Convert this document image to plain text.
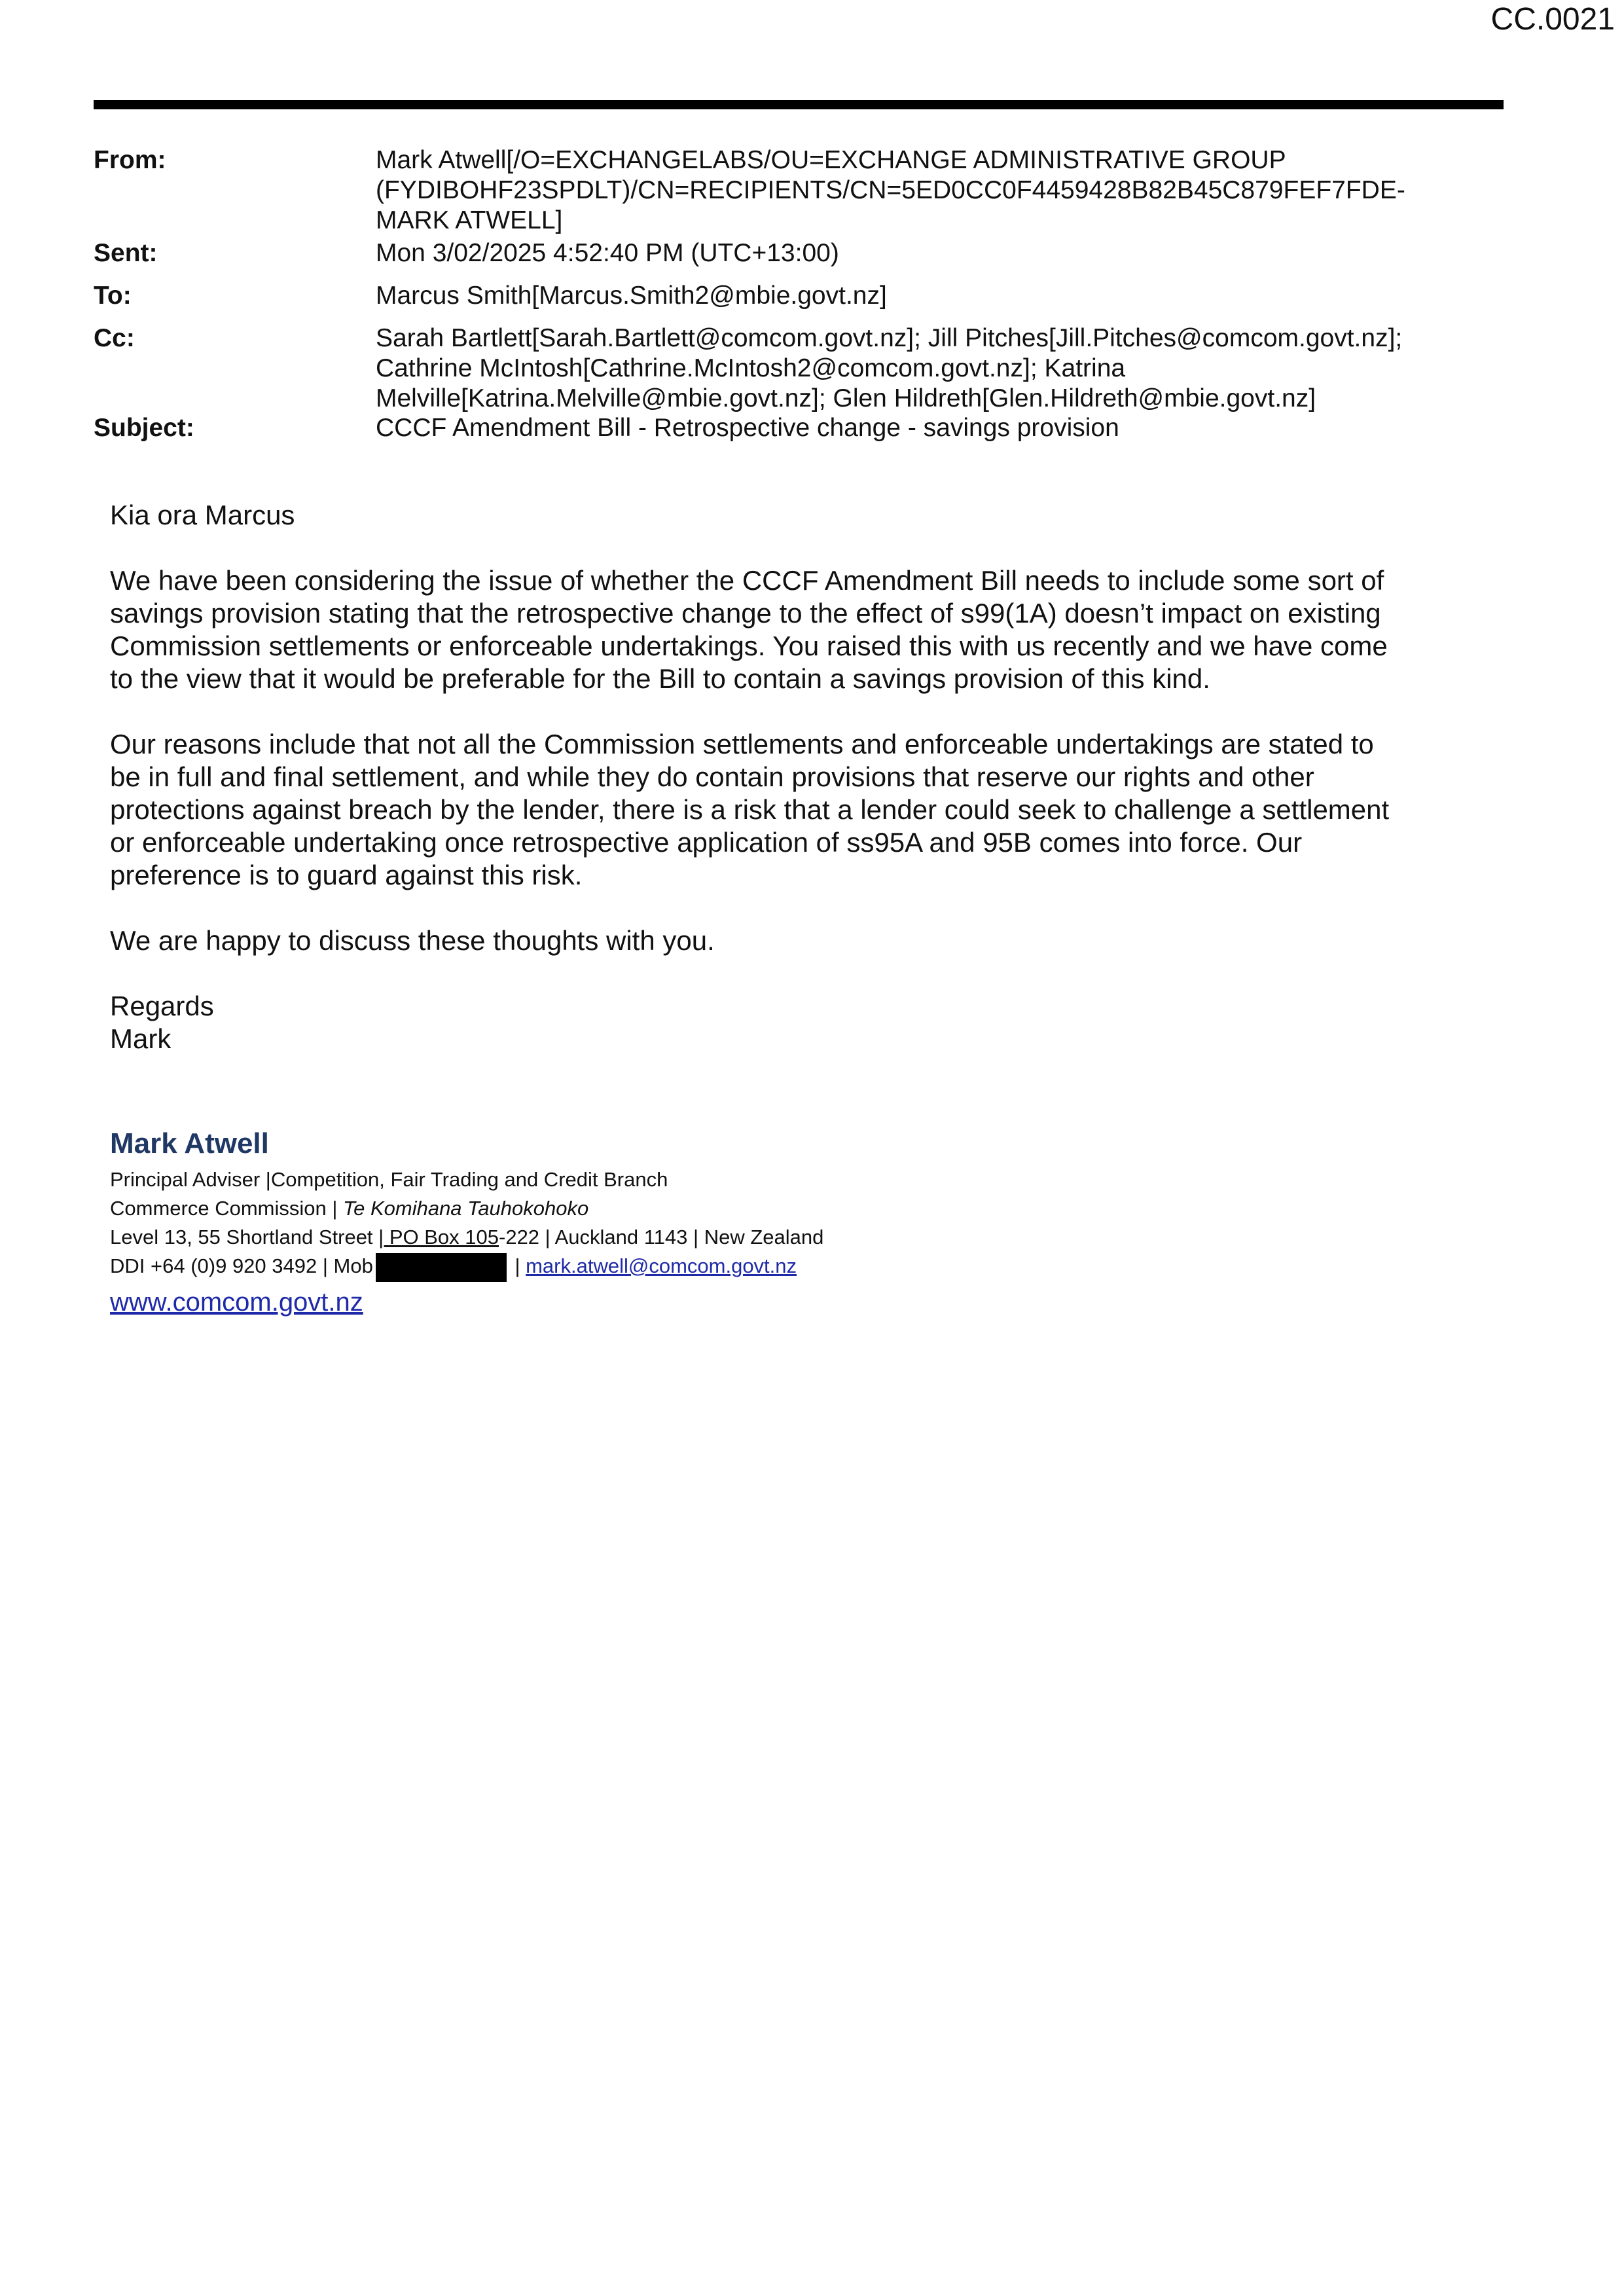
CC.0021
From:	Mark Atwell[/O=EXCHANGELABS/OU=EXCHANGE ADMINISTRATIVE GROUP
(FYDIBOHF23SPDLT)/CN=RECIPIENTS/CN=5ED0CC0F4459428B82B45C879FEF7FDE-
MARK ATWELL]
Sent:	Mon 3/02/2025 4:52:40 PM (UTC+13:00)
To:	Marcus Smith[Marcus.Smith2@mbie.govt.nz]
Cc:	Sarah Bartlett[Sarah.Bartlett@comcom.govt.nz]; Jill Pitches[Jill.Pitches@comcom.govt.nz];
Cathrine McIntosh[Cathrine.McIntosh2@comcom.govt.nz]; Katrina
Melville[Katrina.Melville@mbie.govt.nz]; Glen Hildreth[Glen.Hildreth@mbie.govt.nz]
Subject:	CCCF Amendment Bill - Retrospective change - savings provision

Kia ora Marcus

We have been considering the issue of whether the CCCF Amendment Bill needs to include some sort of
savings provision stating that the retrospective change to the effect of s99(1A) doesn’t impact on existing
Commission settlements or enforceable undertakings. You raised this with us recently and we have come
to the view that it would be preferable for the Bill to contain a savings provision of this kind.

Our reasons include that not all the Commission settlements and enforceable undertakings are stated to
be in full and final settlement, and while they do contain provisions that reserve our rights and other
protections against breach by the lender, there is a risk that a lender could seek to challenge a settlement
or enforceable undertaking once retrospective application of ss95A and 95B comes into force. Our
preference is to guard against this risk.

We are happy to discuss these thoughts with you.

Regards
Mark

Mark Atwell
Principal Adviser |Competition, Fair Trading and Credit Branch
Commerce Commission | Te Komihana Tauhokohoko
Level 13, 55 Shortland Street | PO Box 105-222 | Auckland 1143 | New Zealand
DDI +64 (0)9 920 3492 | Mob	| mark.atwell@comcom.govt.nz
www.comcom.govt.nz
